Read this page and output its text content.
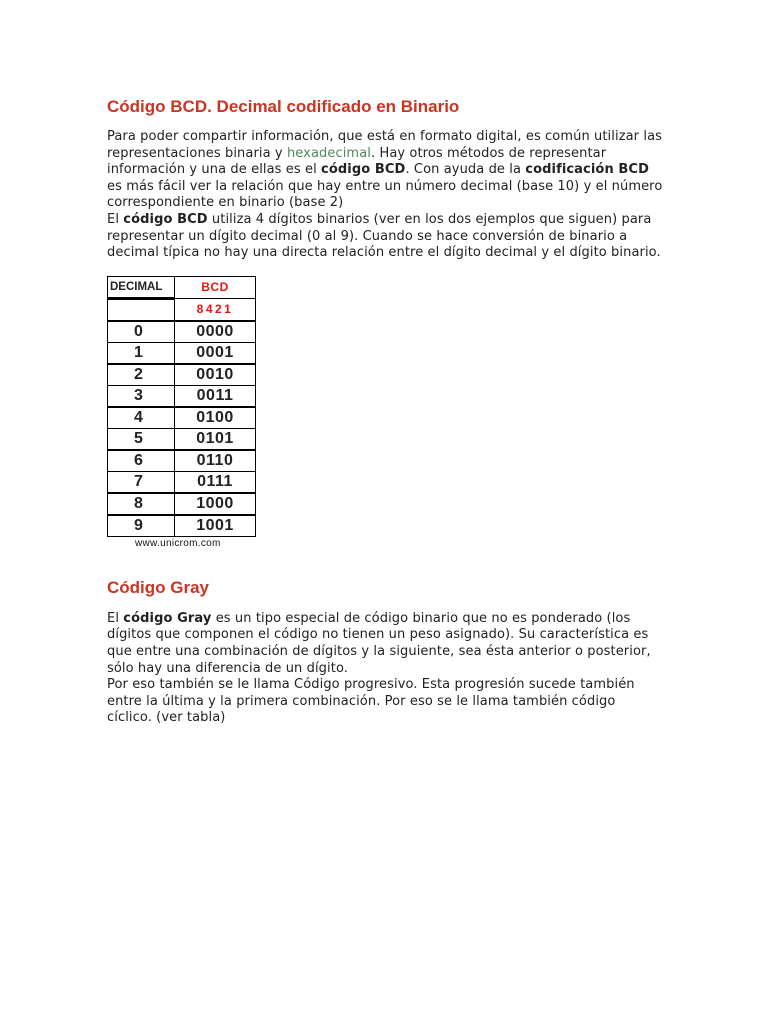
Código BCD. Decimal codificado en Binario

Para poder compartir información, que está en formato digital, es común utilizar las representaciones binaria y hexadecimal. Hay otros métodos de representar información y una de ellas es el código BCD. Con ayuda de la codificación BCD es más fácil ver la relación que hay entre un número decimal (base 10) y el número correspondiente en binario (base 2)
El código BCD utiliza 4 dígitos binarios (ver en los dos ejemplos que siguen) para representar un dígito decimal (0 al 9). Cuando se hace conversión de binario a decimal típica no hay una directa relación entre el dígito decimal y el dígito binario.

DECIMAL	BCD
	8421
0	0000
1	0001
2	0010
3	0011
4	0100
5	0101
6	0110
7	0111
8	1000
9	1001
www.unicrom.com
Código Gray

El código Gray es un tipo especial de código binario que no es ponderado (los dígitos que componen el código no tienen un peso asignado). Su característica es que entre una combinación de dígitos y la siguiente, sea ésta anterior o posterior, sólo hay una diferencia de un dígito.
Por eso también se le llama Código progresivo. Esta progresión sucede también entre la última y la primera combinación. Por eso se le llama también código cíclico. (ver tabla)
